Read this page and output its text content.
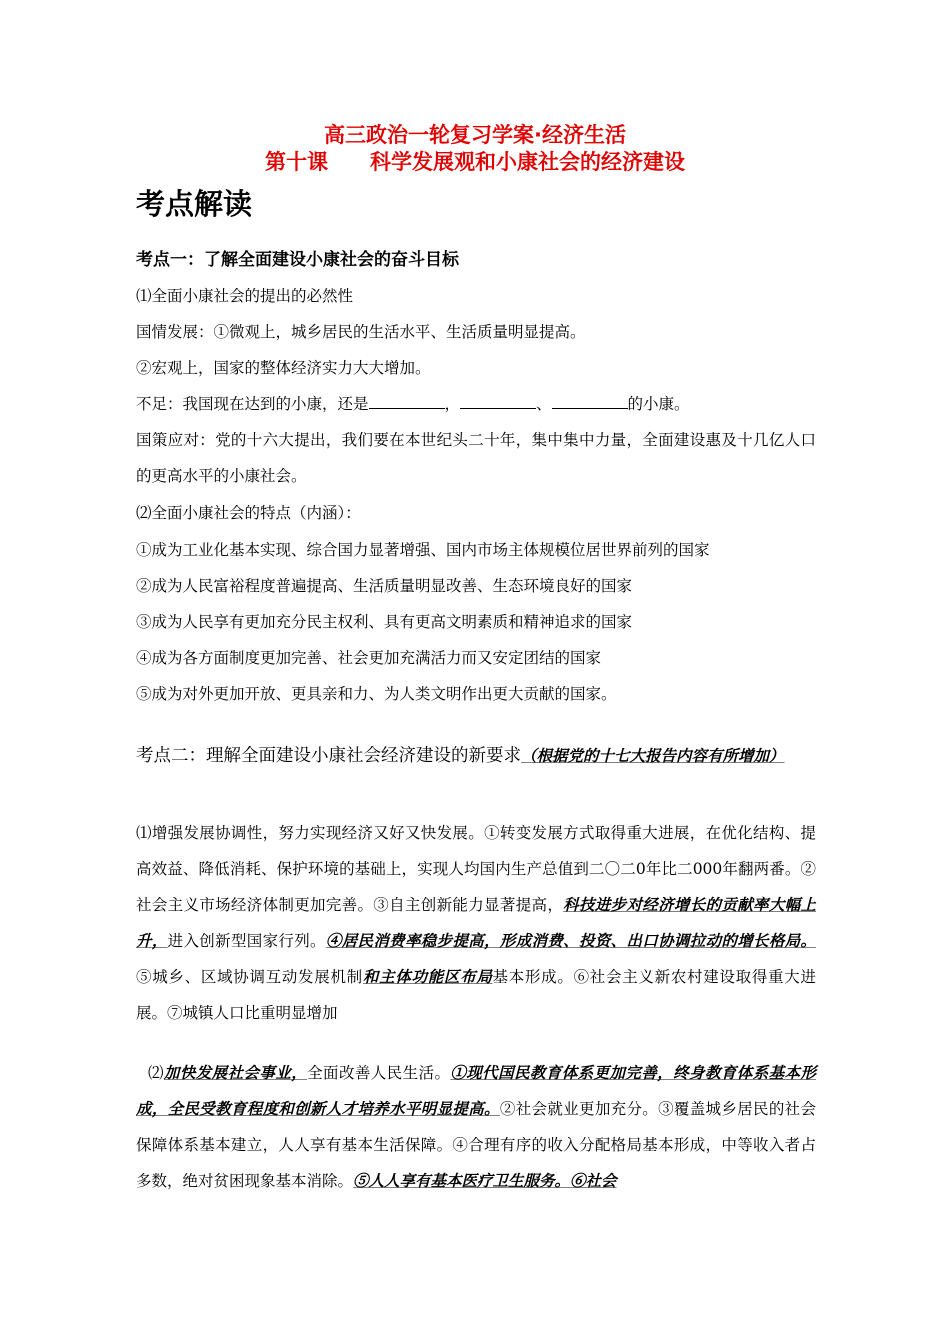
高三政治一轮复习学案·经济生活
第十课　　科学发展观和小康社会的经济建设
考点解读
考点一：了解全面建设小康社会的奋斗目标
⑴全面小康社会的提出的必然性
国情发展：①微观上，城乡居民的生活水平、生活质量明显提高。
②宏观上，国家的整体经济实力大大增加。
不足：我国现在达到的小康，还是	，	、	的小康。
国策应对：党的十六大提出，我们要在本世纪头二十年，集中集中力量，全面建设惠及十几亿人口的更高水平的小康社会。
⑵全面小康社会的特点（内涵）：
①成为工业化基本实现、综合国力显著增强、国内市场主体规模位居世界前列的国家
②成为人民富裕程度普遍提高、生活质量明显改善、生态环境良好的国家
③成为人民享有更加充分民主权利、具有更高文明素质和精神追求的国家
④成为各方面制度更加完善、社会更加充满活力而又安定团结的国家
⑤成为对外更加开放、更具亲和力、为人类文明作出更大贡献的国家。
考点二：理解全面建设小康社会经济建设的新要求（根据党的十七大报告内容有所增加）
⑴增强发展协调性，努力实现经济又好又快发展。①转变发展方式取得重大进展，在优化结构、提高效益、降低消耗、保护环境的基础上，实现人均国内生产总值到二〇二0年比二000年翻两番。②　社会主义市场经济体制更加完善。③自主创新能力显著提高，科技进步对经济增长的贡献率大幅上升，进入创新型国家行列。④居民消费率稳步提高，形成消费、投资、出口协调拉动的增长格局。⑤城乡、区域协调互动发展机制和主体功能区布局基本形成。⑥社会主义新农村建设取得重大进展。⑦城镇人口比重明显增加
⑵加快发展社会事业，全面改善人民生活。①现代国民教育体系更加完善，终身教育体系基本形成，全民受教育程度和创新人才培养水平明显提高。②社会就业更加充分。③覆盖城乡居民的社会保障体系基本建立，人人享有基本生活保障。④合理有序的收入分配格局基本形成，中等收入者占多数，绝对贫困现象基本消除。⑤人人享有基本医疗卫生服务。⑥社会
